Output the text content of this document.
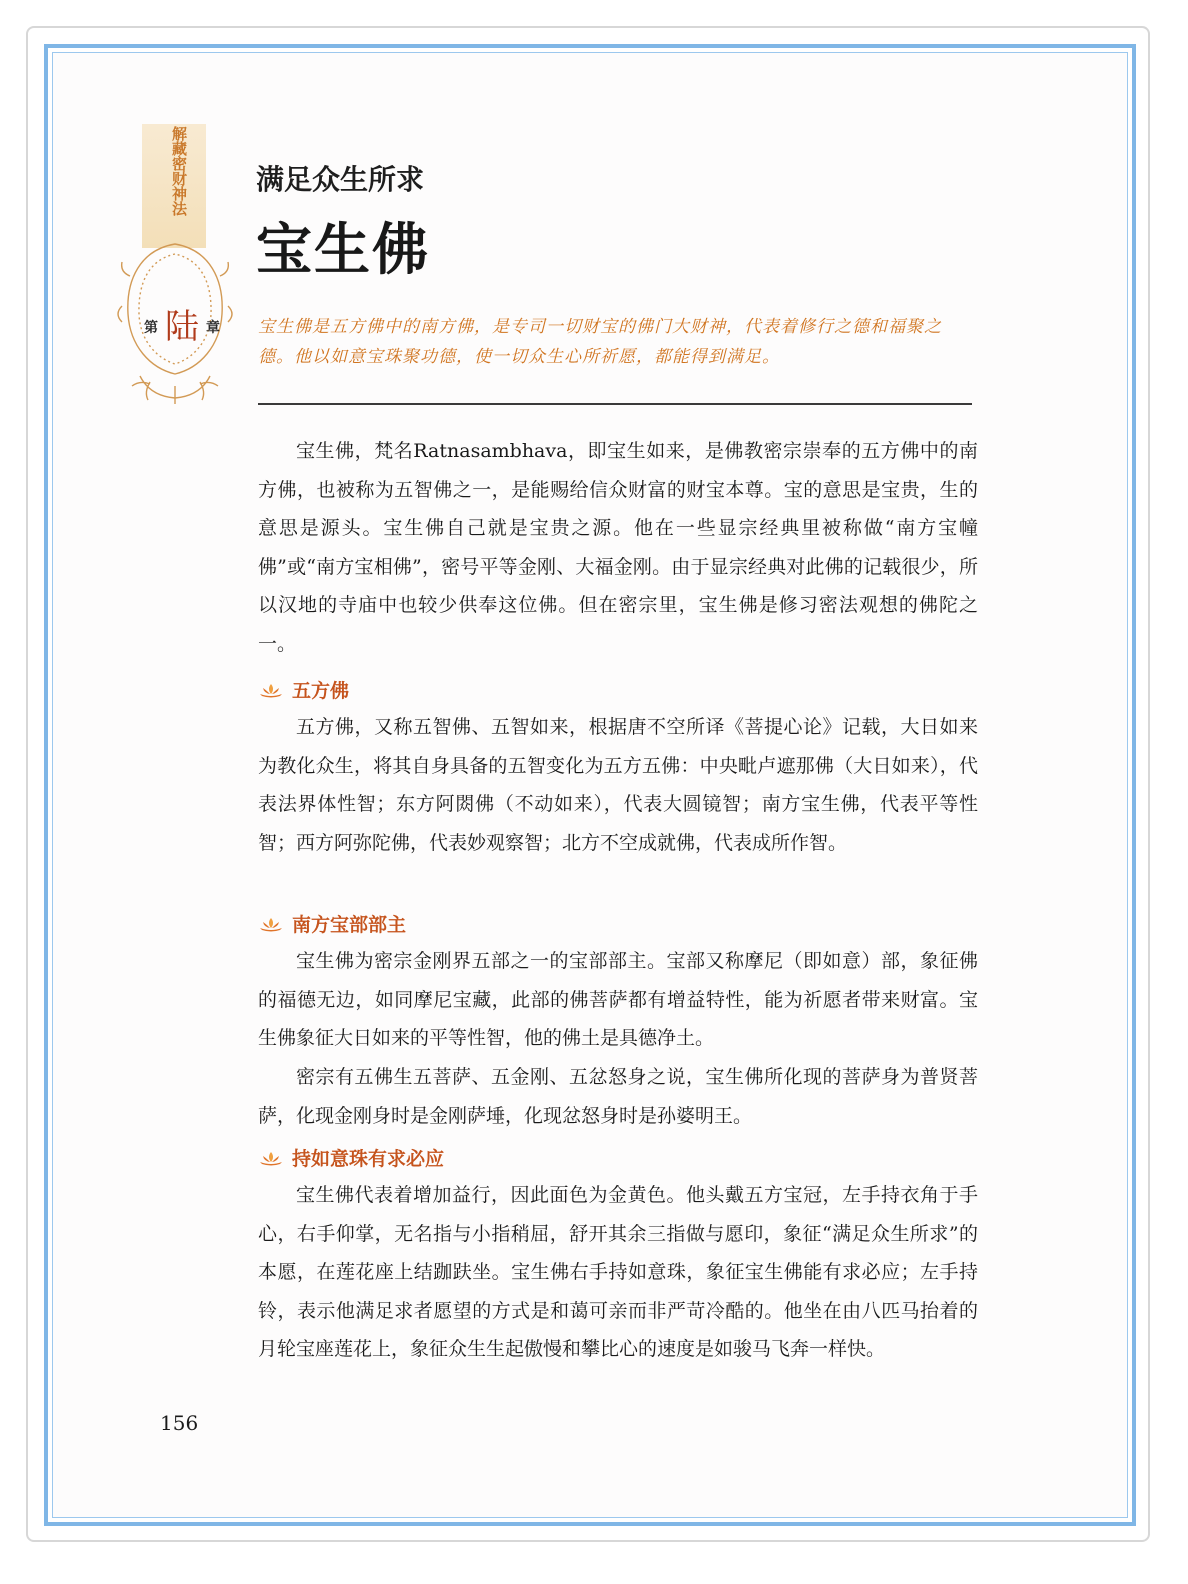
解藏密财神法
第 陆 章
满足众生所求
宝生佛
宝生佛是五方佛中的南方佛，是专司一切财宝的佛门大财神，代表着修行之德和福聚之德。他以如意宝珠聚功德，使一切众生心所祈愿，都能得到满足。

宝生佛，梵名Ratnasambhava，即宝生如来，是佛教密宗崇奉的五方佛中的南方佛，也被称为五智佛之一，是能赐给信众财富的财宝本尊。宝的意思是宝贵，生的意思是源头。宝生佛自己就是宝贵之源。他在一些显宗经典里被称做“南方宝幢佛”或“南方宝相佛”，密号平等金刚、大福金刚。由于显宗经典对此佛的记载很少，所以汉地的寺庙中也较少供奉这位佛。但在密宗里，宝生佛是修习密法观想的佛陀之一。

五方佛

五方佛，又称五智佛、五智如来，根据唐不空所译《菩提心论》记载，大日如来为教化众生，将其自身具备的五智变化为五方五佛：中央毗卢遮那佛（大日如来），代表法界体性智；东方阿閦佛（不动如来），代表大圆镜智；南方宝生佛，代表平等性智；西方阿弥陀佛，代表妙观察智；北方不空成就佛，代表成所作智。

南方宝部部主

宝生佛为密宗金刚界五部之一的宝部部主。宝部又称摩尼（即如意）部，象征佛的福德无边，如同摩尼宝藏，此部的佛菩萨都有增益特性，能为祈愿者带来财富。宝生佛象征大日如来的平等性智，他的佛土是具德净土。

密宗有五佛生五菩萨、五金刚、五忿怒身之说，宝生佛所化现的菩萨身为普贤菩萨，化现金刚身时是金刚萨埵，化现忿怒身时是孙婆明王。

持如意珠有求必应

宝生佛代表着增加益行，因此面色为金黄色。他头戴五方宝冠，左手持衣角于手心，右手仰掌，无名指与小指稍屈，舒开其余三指做与愿印，象征“满足众生所求”的本愿，在莲花座上结跏趺坐。宝生佛右手持如意珠，象征宝生佛能有求必应；左手持铃，表示他满足求者愿望的方式是和蔼可亲而非严苛冷酷的。他坐在由八匹马抬着的月轮宝座莲花上，象征众生生起傲慢和攀比心的速度是如骏马飞奔一样快。

156
